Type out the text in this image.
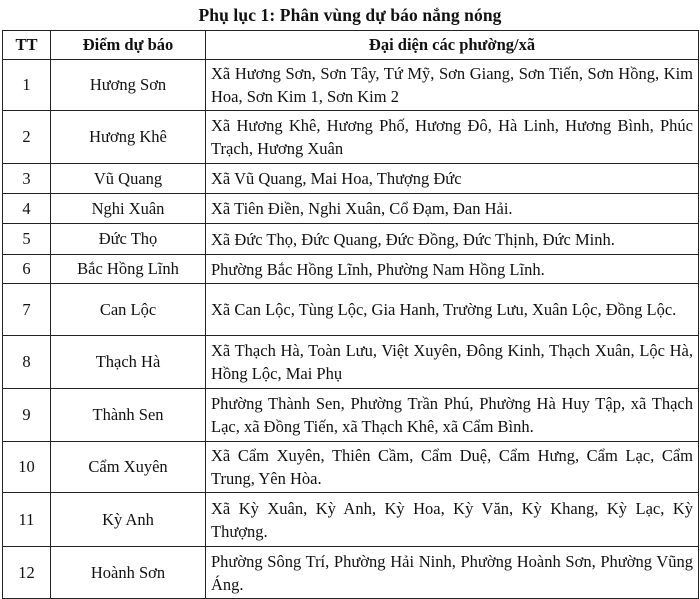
Phụ lục 1: Phân vùng dự báo nắng nóng
TT	Điểm dự báo	Đại diện các phường/xã
1	Hương Sơn	Xã Hương Sơn, Sơn Tây, Tứ Mỹ, Sơn Giang, Sơn Tiến, Sơn Hồng, Kim Hoa, Sơn Kim 1, Sơn Kim 2
2	Hương Khê	Xã Hương Khê, Hương Phố, Hương Đô, Hà Linh, Hương Bình, Phúc Trạch, Hương Xuân
3	Vũ Quang	Xã Vũ Quang, Mai Hoa, Thượng Đức
4	Nghi Xuân	Xã Tiên Điền, Nghi Xuân, Cổ Đạm, Đan Hải.
5	Đức Thọ	Xã Đức Thọ, Đức Quang, Đức Đồng, Đức Thịnh, Đức Minh.
6	Bắc Hồng Lĩnh	Phường Bắc Hồng Lĩnh, Phường Nam Hồng Lĩnh.
7	Can Lộc	Xã Can Lộc, Tùng Lộc, Gia Hanh, Trường Lưu, Xuân Lộc, Đồng Lộc.
8	Thạch Hà	Xã Thạch Hà, Toàn Lưu, Việt Xuyên, Đông Kinh, Thạch Xuân, Lộc Hà, Hồng Lộc, Mai Phụ
9	Thành Sen	Phường Thành Sen, Phường Trần Phú, Phường Hà Huy Tập, xã Thạch Lạc, xã Đồng Tiến, xã Thạch Khê, xã Cẩm Bình.
10	Cẩm Xuyên	Xã Cẩm Xuyên, Thiên Cầm, Cẩm Duệ, Cẩm Hưng, Cẩm Lạc, Cẩm Trung, Yên Hòa.
11	Kỳ Anh	Xã Kỳ Xuân, Kỳ Anh, Kỳ Hoa, Kỳ Văn, Kỳ Khang, Kỳ Lạc, Kỳ Thượng.
12	Hoành Sơn	Phường Sông Trí, Phường Hải Ninh, Phường Hoành Sơn, Phường Vũng Áng.
